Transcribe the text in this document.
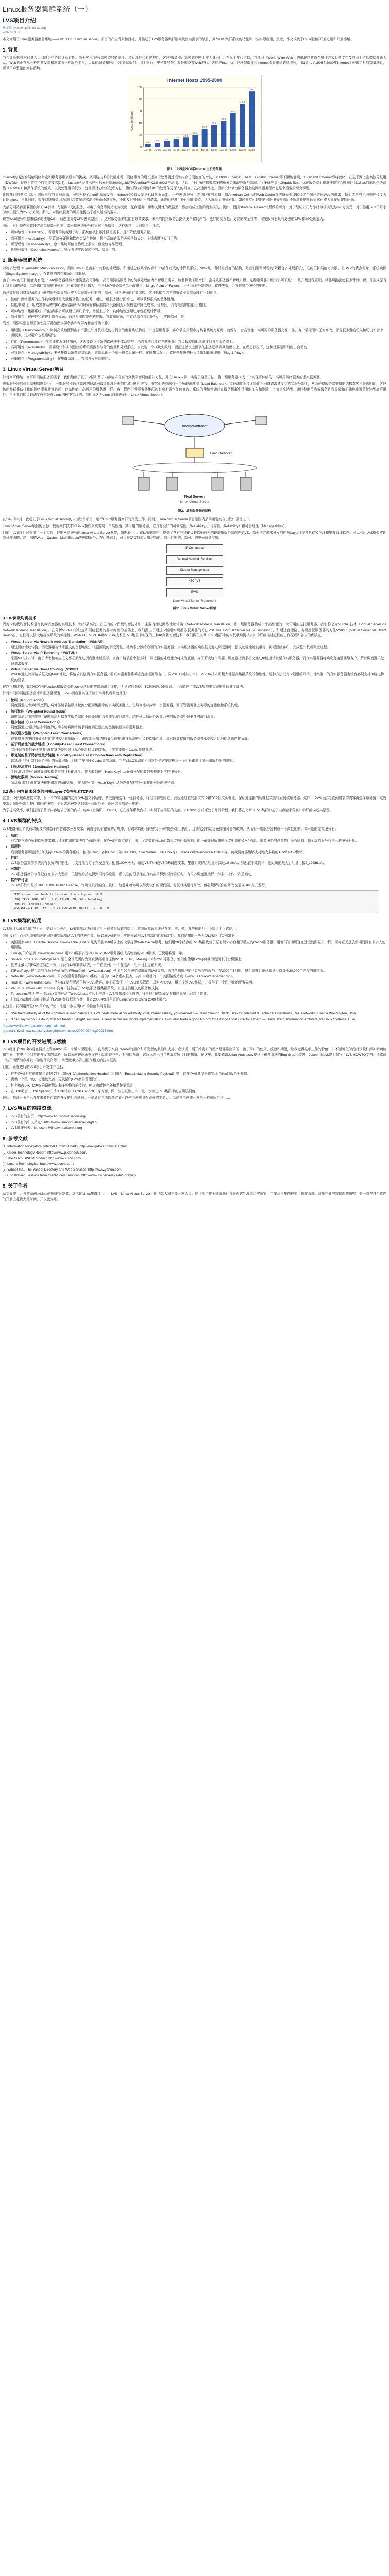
Linux服务器集群系统（一）
LVS项目介绍
章文嵩 (wensong@linux-vs.org)
2002 年 3 月

本文介绍了Linux服务器集群系统——LVS（Linux Virtual Server）项目的产生背景和目标，并描述了LVS服务器集群框架及目前提供的软件，列举LVS集群系统的特性和一些实际应用，最后，本文谈及了LVS项目的开发进展和开发感触。

1. 背景

当今计算机技术已进入以网络为中心的计算时期。由于客户/服务器模型的简单性、易管理性和易维护性，客户/服务器计算模式在网上被大量采用。在九十年代中期，万维网（World Wide Web）的出现以其简单操作方式将图文并茂的网上信息带给普通大众，Web也正在从一种内容发送机制成为一种服务平台，大量的服务和应用（如新闻服务、网上银行、电子商务等）都是围绕着Web进行。这促进Internet用户剧烈增长和Internet流量爆炸式地增长，图1显示了1995至2000年Internet上使用主机的数量统计，可见用户数量的增长趋势。

Internet Hosts 1995-2000
Hosts (millions)
0
20
40
60
80
100
4.9
Jan 95
6.6
Jul 95
9.5
Jan 96
12.9
Jul 96
16.1
Jan 97
19.5
Jul 97
29.7
Jan 98
36.7
Jul 98
43.2
Jan 99
56.2
Jul 99
72.4
Jan 00
93
Jul 00
图1：1995至2000年Internet主机的数量

Internet的飞速发展给网络带宽和服务器带来巨大的挑战。从网络技术的发展来看，网络带宽的增长远高于处理器速度和内存访问速度的增长，如100M Ethernet、ATM、Gigabit Ethernet等不断地涌现，10Gigabit Ethernet即将就绪，在主干网上密集波分复用（DWDM）将成为宽带IP的主流技术[2,3]，Lucent已经推出在一根光纤跑800Gigabit的WaveStar™ OLS 800G产品[4]。所以，我们深信越来越多的瓶颈会出现在服务器端。很多研究显示Gigabit Ethernet在服务器上很难使得其吞吐率达到1Gb/s的原因是协议栈（TCP/IP）和操作系统的低效，以及处理器的低效，这需要对协议的处理方法、操作系统的调度和IO的处理作更深入的研究。在高速网络上，重新设计单台服务器上的网络服务程序也是个重要的研究课题。

比较热门的站点会吸引前所未有的访问流量，例如根据Yahoo的新闻发布，Yahoo已经每天发送6.25亿页面[5]。一些网络服务也收到巨额的流量，如American Online的Web Cache系统每天处理50.2亿个用户访问Web的请求，每个请求的平均响应长度为5.5Kbytes。与此同时，很多网络服务因为访问次数爆炸式地增长而不堪重负，不能及时处理用户的请求，导致用户进行长时间的等待，大大降低了服务质量。如何建立可伸缩的网络服务来满足不断增长的负载需求已成为迫在眉睫的问题。

大部分网站都需要提供每天24小时、每星期7天的服务，对电子商务等网站尤为突出，任何服务中断和关键性的数据丢失都会造成直接的商业损失。例如，根据Strategic Research所做的研究，对于经纪公司每小时停机损失为690万美元，对于信用卡公司每小时停机损失为255万美元。所以，对网络服务的可用性提出了越来越高的要求。

现在Web服务中越来越多地使用CGI、动态主页等CPU密集型应用，这对服务器的性能有较高要求。未来的网络服务会提供更丰富的内容、更好的交互性、更高的安全性等，需要服务器具有更强的CPU和I/O处理能力。

因此，对用硬件和软件方法实现高可伸缩、高可用网络服务的需求不断增长，这种需求可以归结以下几点：

• 可伸缩性（Scalability），当服务的负载增长时，系统能被扩展来满足需求，且不降低服务质量。
• 高可用性（Availability），尽管部分硬件和软件会发生故障，整个系统的服务必须是每天24小时每星期7天可用的。
• 可管理性（Manageability），整个系统可能在物理上很大，但应该容易管理。
• 价格有效性（Cost-effectiveness），整个系统实现是经济的、易支付的。
2. 服务器集群系统

对称多处理（Symmetric Multi-Processor，简称SMP）是由多个对称的处理器、和通过总线共享内存和I/O部件组成的计算机系统。SMP是一种低并行度的结构，是我们通常所说的"紧耦合多处理系统"，它的可扩展能力有限，但SMP的优点是单一系统映像（Single System Image），有共享的内存和I/O，易编程。

由于SMP的可扩展能力有限，SMP服务器显然不能满足高可伸缩、高可用网络服务中的负载处理能力不断增长需求。随着负载不断增长，会导致服务器不断地升级。这种服务器升级有下列不足：一是升级过程繁琐，机器切换会使服务暂时中断，并造成原有计算资源的浪费；二是越往高端的服务器，所花费的代价越大；三是SMP服务器是单一故障点（Single Point of Failure），一旦该服务器或应用软件失效，会导致整个服务的中断。

通过高性能网络或局域网互联的服务器集群正成为实现高可伸缩的、高可用网络服务的有效结构。这种松耦合结构的服务器集群系统有下列优点：

• 性能：网络服务的工作负载通常是大量相互独立的任务，通过一组服务器分而治之，可以获得很高的整体性能。
• 性能/价格比：组成集群系统的PC服务器或RISC服务器和标准网络设备因为大规模生产降低成本，价格低，具有最高的性能/价格比。
• 可伸缩性：集群系统中的结点数目可以增长到几千个，乃至上万个，其伸缩性远超过单台超级计算机。
• 高可用性：在硬件和软件上都有冗余，通过检测软硬件的故障，将故障屏蔽，由存活结点提供服务，可实现高可用性。

当然，用服务器集群系统实现可伸缩网络服务也存在很多挑战性的工作：

• 透明性（Transparency）：如何高效地使得由多个独立计算机组成的松耦合的集群系统构成一个虚拟服务器；客户端应用程序与集群系统交互时，就像与一台高性能、高可用的服务器交互一样，客户端无须作任何修改。部分服务器的切入和切出不会中断服务，这对用户也是透明的。
• 性能（Performance）：性能要接近线性加速，这需要设计很好的软硬件的体系结构，消除系统可能存在的瓶颈。将负载较均衡地调度到各台服务器上。
• 高可用性（Availability）：需要设计和实现很好的系统资源和故障的监测和处理系统。当发现一个模块失败时，要把这模块上提供的服务迁移到其他模块上。在理想状况下，这种迁移是即时的、自动的。
• 可管理性（Manageability）：要使集群系统变得易管理，就像管理一个单一映像系统一样。在理想状况下，软硬件模块的插入能做到即插即用（Plug & Play）。
• 可编程性（Programmability）：在集群系统上，容易开发应用程序。
3. Linux Virtual Server项目

针对高可伸缩、高可用网络服务的需求，我们给出了基于IP层和基于内容请求分发的负载平衡调度解决方法，并在Linux内核中实现了这些方法，将一组服务器构成一个实现可伸缩的、高可用网络服务的虚拟服务器。

虚拟服务器的体系结构如图2所示，一组服务器通过高速的局域网或者地理分布的广域网相互连接，在它们的前端有一个负载调度器（Load Balancer）。负载调度器能无缝地将网络请求调度到真实服务器上，从而使得服务器集群的结构对客户是透明的，客户访问集群系统提供的网络服务就像访问一台高性能、高可用的服务器一样。客户程序不受服务器集群的影响不需作任何修改。系统的伸缩性通过在服务机群中透明地加入和删除一个节点来达到，通过检测节点或服务进程故障和正确地重置系统达到高可用性。由于我们的负载调度技术是在Linux内核中实现的，我们称之为Linux虚拟服务器（Linux Virtual Server）。

Internet/Intranet
Load Balancer
Real Servers
Linux Virtual Server
图2：虚拟服务器的结构

在1998年5月，我成立了Linux Virtual Server的自由软件项目，进行Linux服务器集群的开发工作。同时，Linux Virtual Server项目是国内最早出现的自由软件项目之一。

Linux Virtual Server项目的目标：使用集群技术和Linux操作系统实现一个高性能、高可用的服务器，它具有很好的可伸缩性（Scalability）、可靠性（Reliability）和可管理性（Manageability）。

目前，LVS项目已提供了一个实现可伸缩网络服务的Linux Virtual Server框架，如图3所示。在LVS框架中，提供了含有三种IP负载均衡技术的IP虚拟服务器软件IPVS、基于内容请求分发的内核Layer-7交换机KTCPVS和集群管理软件。可以利用LVS框架实现高可伸缩的、高可用的Web、Cache、Mail和Media等网络服务；在此基础上，可以开发支持庞大用户数的、高可伸缩的、高可用的电子商务应用。

IP Commerce
General Network Services
Cluster Management
KTCPVS
IPVS
Linux Virtual Server Framework
图3：Linux Virtual Server框架
3.1 IP负载均衡技术

因为IP负载均衡技术是在负载调度器的实现技术中效率最高的。在已有的IP负载均衡技术中，主要有通过网络地址转换（Network Address Translation）将一组服务器构成一个高性能的、高可用的虚拟服务器，我们称之为VS/NAT技术（Virtual Server via Network Address Translation）。在分析VS/NAT的缺点和网络服务的非对称性的基础上，我们提出了通过IP隧道实现虚拟服务器的方法VS/TUN（Virtual Server via IP Tunneling），和通过直接路由实现虚拟服务器的方法VS/DR（Virtual Server via Direct Routing），它们可以极大地提高系统的伸缩性。VS/NAT、VS/TUN和VS/DR技术是LVS集群中实现的三种IP负载均衡技术，我们将在文章《LVS集群中的IP负载均衡技术》中详细描述它们的工作原理和各自的优缺点。

• Virtual Server via Network Address Translation（VS/NAT）
通过网络地址转换，调度器重写请求报文的目标地址，根据预设的调度算法，将请求分派给后端的真实服务器；真实服务器的响应报文通过调度器时，报文的源地址被重写，再返回给客户，完成整个负载调度过程。
• Virtual Server via IP Tunneling（VS/TUN）
采用NAT技术时，由于请求和响应报文都必须经过调度器地址重写，当客户请求越来越多时，调度器的处理能力将成为瓶颈。为了解决这个问题，调度器把请求报文通过IP隧道转发至真实服务器，而真实服务器将响应直接返回给客户，所以调度器只处理请求报文。
• Virtual Server via Direct Routing（VS/DR）
VS/DR通过改写请求报文的MAC地址，将请求发送到真实服务器，而真实服务器将响应直接返回给客户。同VS/TUN技术一样，VS/DR技术可极大地提高集群系统的伸缩性。这种方法没有IP隧道的开销，对集群中的真实服务器也没有必须支持IP隧道协议的要求。

在以下描述中，我们称客户的socket和服务器的socket之间的数据通讯为连接，无论它们是使用TCP还是UDP协议。下面简述当前LVS集群中实现的负载调度算法：

针对不同的网络服务需求和服务器配置，IPVS调度器实现了如下八种负载调度算法：

• 轮叫（Round Robin）
调度器通过"轮叫"调度算法将外部请求按顺序轮流分配到集群中的真实服务器上，它均等地对待每一台服务器，而不管服务器上实际的连接数和系统负载。
• 加权轮叫（Weighted Round Robin）
调度器通过"加权轮叫"调度算法根据真实服务器的不同处理能力来调度访问请求。这样可以保证处理能力强的服务器处理更多的访问流量。
• 最少链接（Least Connections）
调度器通过"最少连接"调度算法动态地将网络请求调度到已建立的链接数最少的服务器上。
• 加权最少链接（Weighted Least Connections）
在集群系统中的服务器性能差异较大的情况下，调度器采用"加权最少链接"调度算法优化负载均衡性能，具有较高权值的服务器将承受较大比例的活动连接负载。
• 基于局部性的最少链接（Locality-Based Least Connections）
"基于局部性的最少链接"调度算法是针对目标IP地址的负载均衡，目前主要用于Cache集群系统。
• 带复制的基于局部性最少链接（Locality-Based Least Connections with Replication）
该算法也是针对目标IP地址的负载均衡，目前主要用于Cache集群系统。它与LBLC算法的不同之处是它要维护从一个目标IP地址到一组服务器的映射。
• 目标地址散列（Destination Hashing）
"目标地址散列"调度算法根据请求的目标IP地址，作为散列键（Hash Key）从静态分配的散列表找出对应的服务器。
• 源地址散列（Source Hashing）
"源地址散列"调度算法根据请求的源IP地址，作为散列键（Hash Key）从静态分配的散列表找出对应的服务器。
3.2 基于内容请求分发的内核Layer-7交换机KTCPVS

在基于IP负载调度技术中，当一个TCP连接的初始SYN报文到达时，调度器就选择一台服务器，将报文转发给它。此后通过查发报文的IP和TCP报文头地址，保证此连接的后继报文被转发到该服务器。这样，IPVS无法检查到请求的内容再选择服务器，这就要求后端服务器组提供相同的服务，不管请求被发送到哪一台服务器，返回结果都是一样的。

为了提高效率，我们提出了基于内容请求分发的内核Layer-7交换机KTCPVS，它在操作系统内核中实现了应用层的交换。KTCPVS目前还处于开发阶段，我们将在文章《LVS集群中基于内容请求分发》中详细描述其原理。

4. LVS集群的特点

LVS集群采用IP负载均衡技术和基于内容请求分发技术。调度器具有很好的吞吐率，将请求均衡地转移到不同的服务器上执行，且调度器自动屏蔽掉服务器的故障，从而将一组服务器构成一个高性能的、高可用的虚拟服务器。

• 功能
有实现三种IP负载均衡技术和八种连接调度算法的IPVS软件。在IPVS内部实现上，采用了高效的Hash函数和垃圾回收机制，能正确处理所调度报文相关的ICMP消息。虚拟服务的设置数目没有限制，每个虚拟服务有自己的服务器集。
• 适用性
后端服务器可运行任何支持TCP/IP的操作系统，包括Linux，各种Unix（如FreeBSD、Sun Solaris、HP Unix等），Mac/OS和Windows NT/2000等。负载调度器能够支持绝大多数的TCP和UDP协议。
• 性能
LVS服务器集群系统具有良好的伸缩性，可支持几百万个并发连接。配置100M网卡，采用VS/TUN或VS/DR调度技术，集群系统的吞吐量可高达1Gbits/s；如配置千兆网卡，则系统的最大吞吐量可接近10Gbits/s。
• 可靠性
LVS服务器集群软件已经在很多大型的、关键性的站点得到很好的应用，所以它的可靠性在真实应用得到很好的证实。有很多调度器运行一年多，未作一次重启动。
• 软件许可证
LVS集群软件是按GPL（GNU Public License）许可证发行的自由软件，这意味着你可以得到软件的源代码，有权对其进行修改，但必须保证你的修改也是以GPL方式发行。
IPVS connection hash table size (the Nth power of 2)
[NO] IPVS: WRR, WLC, LBLC, LBLCR, DH, SH scheduling
[NO] FTP protocol helper
192.168.1.1:80   rr   -> 10.0.0.2:80  Route   1   0   0
5. LVS集群的应用

LVS项目从成立到现在为止，受到不少关注，LVS集群系统已被应用于很多重负载的站点，就我所知该系统已在美、英、德、澳等国的几十个站点上正式使用。

我们没有上百台机器和高速的网络来实际测试LVS的终极性能，所以举LVS的应用实例来说明LVS的高性能和稳定性。我们所知的一些大型LVS应用实例如下：

• 英国国家JANET Cache Service（wwwcache.ja.net）是为英国150所以上的大学提供Web Cache服务。他们用28个结点的LVS集群代替了原有现50多台相互独立的Cache服务器，用他们的话说现在速度就跟夏天一样，因为夏天是放假期间没有很多人使用网络。
• Linux的门户站点（www.linux.com）用LVS将很多台VA Linux SMP服务器组成高性能的WEB服务，已使用将近一年。
• SourceForge（sourceforge.net）是在全球范围内为开发源码项目提供WEB、FTP、Mailing List和CVS等服务，他们也使用LVS将负载调度到十几台机器上。
• 世界上最大的PC制造商之一采用了两个LVS集群系统，一个在美洲，一个在欧洲，用于网上直销系统。
• 以RealPlayer提供音频视频服务而闻名的Real公司（www.real.com）使用由20台服务器组成的LVS集群，为其全球用户提供音频视频服务。在2000年3月时，整个集群系统已收到平均每秒20,000个连接的请求流。
• NetWalk（www.netwalk.com）用多台服务器构造LVS系统，提供1024个虚拟服务，其中本项目的一个美国镜像站点（www.us.linuxvirtualserver.org）。
• RedHat（www.redhat.com）从其6.1发行版起已包含LVS代码，他们开发了一个LVS集群管理工具叫Piranha，用于控制LVS集群，并提供了一个图形化的配置界面。
• VA Linux（www.valinux.com）向客户提供基于LVS的服务器集群系统，并且提供相关的服务和支持。
• TurboLinux的"世界一流Linux集群产品"TurboCluster实际上是基于LVS的想法和代码的，只是他们在新闻发布和产品演示时忘了致谢。
• 红旗Linux和中软都提供基于LVS的集群解决方案，并在2000年9月召开的Linux World China 2000上展示。

在这里，再引用两位LVS用户的评论，来进一步说明LVS的性能和可靠性。

• "We tried virtually all of the commercial load balancers, LVS beats them all for reliability, cost, manageability, you-name-it." — Jerry Glomph Black, Director, Internet & Technical Operations, Real Networks, Seattle Washington, USA
• "I can say without a doubt that lvs toasts F5/BigIP solutions, at least in our real world implementations. I wouldn't trade a good lvs box for a Cisco Local Director either." — Drew Streib, Information Architect, VA Linux Systems, USA

http://www.linuxvirtualserver.org/mail.html
http://archive.linuxvirtualserver.org/html/lvs-users/2000-07/msg00215.html

6. LVS项目的开发进展与感触

LVS项目于1998年5月在网站上发布IPVS第一个版本源程序，一直得到了来自Internet的用户和开发者的鼓励和支持。应该说，刚开始发布的程序是非常简单的，由于用户的使用、反馈和期望，让我觉得这项工作的价值，并不断地化时间对该软件添加新功能和完善，其中也得到其他开发者的帮助，所以该软件逐渐发展成为功能较齐全、有用的系统，这远远超出我当初成立项目时的想象。在这里，我要感谢Julian Anastasov提供了很多系统的Bug fixes和改进，Joseph Mack博士编写了LVS HOWTO文档；还感谢一些厂商赞助我开发（如硬件设备等），和赞助我多次出国作相关的技术报告。

目前，正在进行的LVS项目开发工作包括：

• 扩充IPVS对其他传输协议的支持，如AH（Authentication Header）和ESP（Encapsulating Security Payload）等，这样IPVS调度器将实现IPSec的服务器集群。
• 提供一个统一的、功能较完善、更灵活的LVS集群管理软件。
• 扩充和改进KTCPVS的调度算法和多种协议的支持，使之功能较完备和系统更稳定。
• 在TCP粘合（TCP Splicing）和TCP转移（TCP Handoff）等方面，做一些尝试性工作，进一步改进LVS集群中的应用层调度。

最后，我谈一下自己多年来做自由软件开发的几点感触。一是通过自由软件方式可以使得软件具有顽强的生命力。二是自由软件开发是一种国际合作……

7. LVS项目的网络资源
• LVS项目的主页：http://www.linuxvirtualserver.org/
• LVS项目的中文站点：http://www.linuxvirtualserver.org/zh/
• LVS邮件列表：lvs-users@linuxvirtualserver.org
8. 参考文献

[1] Information Navigators, Internet Growth Charts, http://navigators.com/stats.html

[2] Gilder Technology Report, http://www.gildertech.com/

[3] The Cisco DWDM product, http://www.cisco.com/

[4] Lucent Technologies, http://www.lucent.com/

[5] Yahoo! Inc., The Yahoo! Directory and Web Services, http://www.yahoo.com/

[6] Eric Brewer, Lessons from Giant-Scale Services, http://www.cs.berkeley.edu/~brewer/

9. 关于作者

章文嵩博士，开放源码及Linux内核的开发者，著名的Linux集群项目——LVS（Linux Virtual Server）的创始人和主要开发人员。他目前工作于国家并行与分布式处理重点实验室，主要从事集群技术、操作系统、对象存储与数据库的研究。他一直在自由软件的开发上花费大量时间，并以此为乐。
